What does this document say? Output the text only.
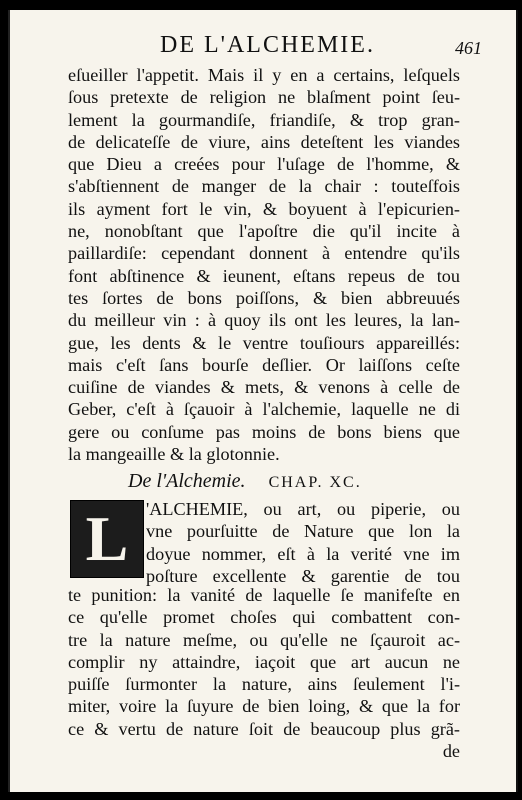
DE L'ALCHEMIE.	461
eſueiller l'appetit. Mais il y en a certains, leſquels
ſous pretexte de religion ne blaſment point ſeu-
lement la gourmandiſe, friandiſe, & trop gran-
de delicateſſe de viure, ains deteſtent les viandes
que Dieu a creées pour l'uſage de l'homme, &
s'abſtiennent de manger de la chair : touteſfois
ils ayment fort le vin, & boyuent à l'epicurien-
ne, nonobſtant que l'apoſtre die qu'il incite à
paillardiſe: cependant donnent à entendre qu'ils
font abſtinence & ieunent, eſtans repeus de tou
tes ſortes de bons poiſſons, & bien abbreuués
du meilleur vin : à quoy ils ont les leures, la lan-
gue, les dents & le ventre touſiours appareillés:
mais c'eſt ſans bourſe deſlier. Or laiſſons ceſte
cuiſine de viandes & mets, & venons à celle de
Geber, c'eſt à ſçauoir à l'alchemie, laquelle ne di
gere ou conſume pas moins de bons biens que
la mangeaille & la glotonnie.
De l'Alchemie. CHAP. XC.
L 'ALCHEMIE, ou art, ou piperie, ou
vne pourſuitte de Nature que lon la
doyue nommer, eſt à la verité vne im
poſture excellente & garentie de tou
te punition: la vanité de laquelle ſe manifeſte en
ce qu'elle promet choſes qui combattent con-
tre la nature meſme, ou qu'elle ne ſçauroit ac-
complir ny attaindre, iaçoit que art aucun ne
puiſſe ſurmonter la nature, ains ſeulement l'i-
miter, voire la ſuyure de bien loing, & que la for
ce & vertu de nature ſoit de beaucoup plus grã-
de
